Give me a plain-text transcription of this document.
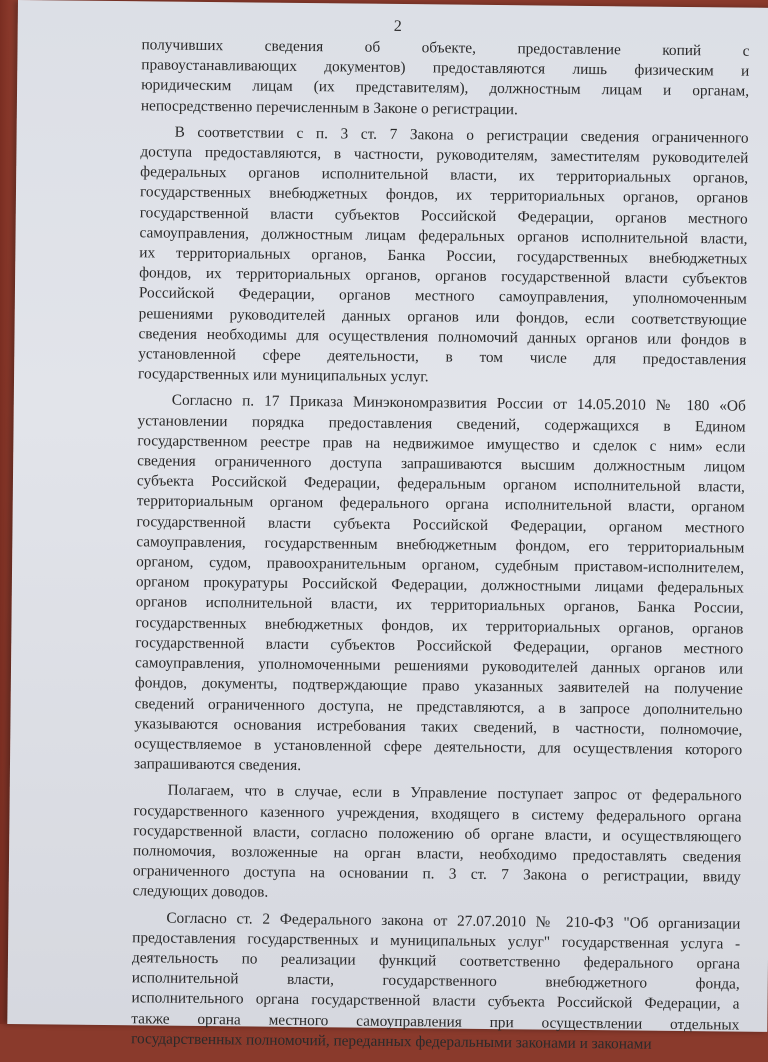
2
получивших сведения об объекте, предоставление копий с
правоустанавливающих документов) предоставляются лишь физическим и
юридическим лицам (их представителям), должностным лицам и органам,
непосредственно перечисленным в Законе о регистрации.
В соответствии с п. 3 ст. 7 Закона о регистрации сведения ограниченного
доступа предоставляются, в частности, руководителям, заместителям руководителей
федеральных органов исполнительной власти, их территориальных органов,
государственных внебюджетных фондов, их территориальных органов, органов
государственной власти субъектов Российской Федерации, органов местного
самоуправления, должностным лицам федеральных органов исполнительной власти,
их территориальных органов, Банка России, государственных внебюджетных
фондов, их территориальных органов, органов государственной власти субъектов
Российской Федерации, органов местного самоуправления, уполномоченным
решениями руководителей данных органов или фондов, если соответствующие
сведения необходимы для осуществления полномочий данных органов или фондов в
установленной сфере деятельности, в том числе для предоставления
государственных или муниципальных услуг.
Согласно п. 17 Приказа Минэкономразвития России от 14.05.2010 № 180 «Об
установлении порядка предоставления сведений, содержащихся в Едином
государственном реестре прав на недвижимое имущество и сделок с ним» если
сведения ограниченного доступа запрашиваются высшим должностным лицом
субъекта Российской Федерации, федеральным органом исполнительной власти,
территориальным органом федерального органа исполнительной власти, органом
государственной власти субъекта Российской Федерации, органом местного
самоуправления, государственным внебюджетным фондом, его территориальным
органом, судом, правоохранительным органом, судебным приставом-исполнителем,
органом прокуратуры Российской Федерации, должностными лицами федеральных
органов исполнительной власти, их территориальных органов, Банка России,
государственных внебюджетных фондов, их территориальных органов, органов
государственной власти субъектов Российской Федерации, органов местного
самоуправления, уполномоченными решениями руководителей данных органов или
фондов, документы, подтверждающие право указанных заявителей на получение
сведений ограниченного доступа, не представляются, а в запросе дополнительно
указываются основания истребования таких сведений, в частности, полномочие,
осуществляемое в установленной сфере деятельности, для осуществления которого
запрашиваются сведения.
Полагаем, что в случае, если в Управление поступает запрос от федерального
государственного казенного учреждения, входящего в систему федерального органа
государственной власти, согласно положению об органе власти, и осуществляющего
полномочия, возложенные на орган власти, необходимо предоставлять сведения
ограниченного доступа на основании п. 3 ст. 7 Закона о регистрации, ввиду
следующих доводов.
Согласно ст. 2 Федерального закона от 27.07.2010 № 210-ФЗ "Об организации
предоставления государственных и муниципальных услуг" государственная услуга -
деятельность по реализации функций соответственно федерального органа
исполнительной власти, государственного внебюджетного фонда,
исполнительного органа государственной власти субъекта Российской Федерации, а
также органа местного самоуправления при осуществлении отдельных
государственных полномочий, переданных федеральными законами и законами
